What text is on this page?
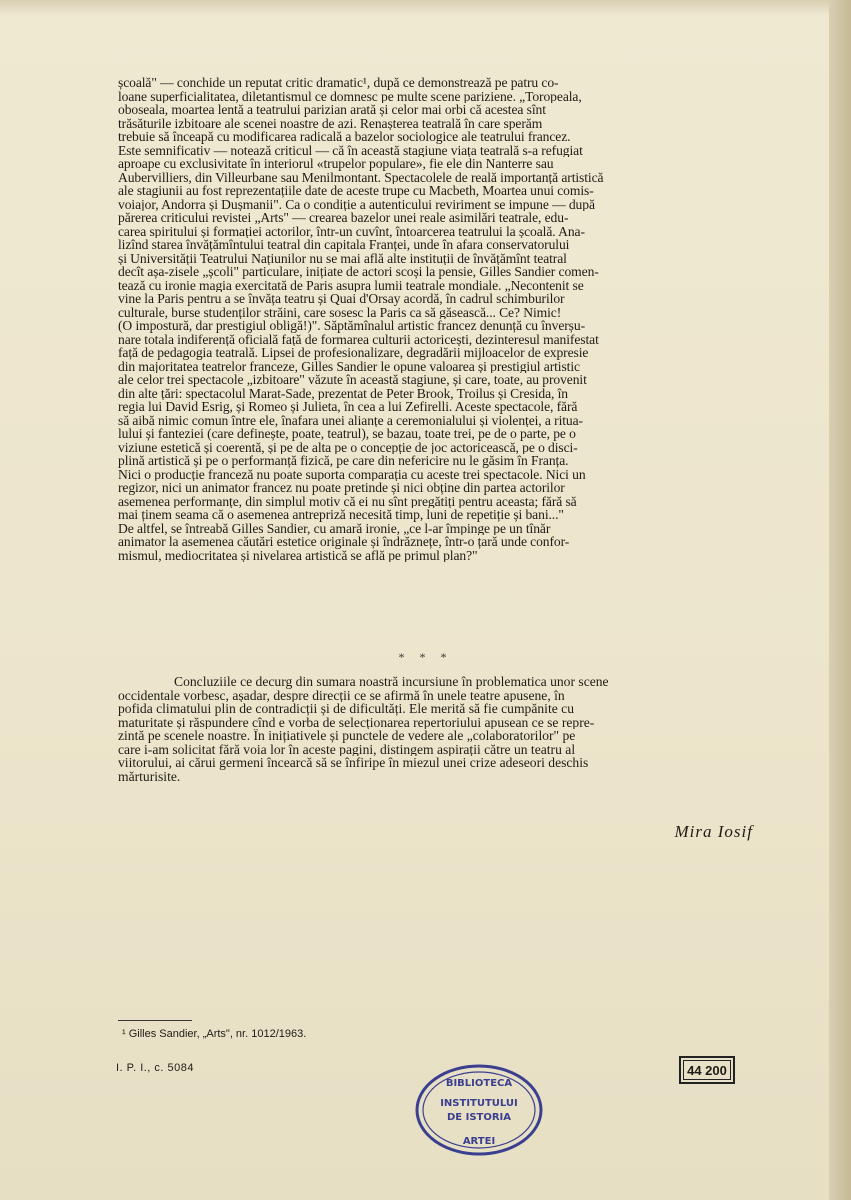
școală" — conchide un reputat critic dramatic¹, după ce demonstrează pe patru co-
loane superficialitatea, diletantismul ce domnesc pe multe scene pariziene. „Toropeala,
oboseala, moartea lentă a teatrului parizian arată și celor mai orbi că acestea sînt
trăsăturile izbitoare ale scenei noastre de azi. Renașterea teatrală în care sperăm
trebuie să înceapă cu modificarea radicală a bazelor sociologice ale teatrului francez.
Este semnificativ — notează criticul — că în această stagiune viața teatrală s-a refugiat
aproape cu exclusivitate în interiorul «trupelor populare», fie ele din Nanterre sau
Aubervilliers, din Villeurbane sau Menilmontant. Spectacolele de reală importanță artistică
ale stagiunii au fost reprezentațiile date de aceste trupe cu Macbeth, Moartea unui comis-
voiajor, Andorra și Dușmanii". Ca o condiție a autenticului reviriment se impune — după
părerea criticului revistei „Arts" — crearea bazelor unei reale asimilări teatrale, edu-
carea spiritului și formației actorilor, într-un cuvînt, întoarcerea teatrului la școală. Ana-
lizînd starea învățămîntului teatral din capitala Franței, unde în afara conservatorului
și Universității Teatrului Națiunilor nu se mai află alte instituții de învățămînt teatral
decît așa-zisele „școli" particulare, inițiate de actori scoși la pensie, Gilles Sandier comen-
tează cu ironie magia exercitată de Paris asupra lumii teatrale mondiale. „Necontenit se
vine la Paris pentru a se învăța teatru și Quai d'Orsay acordă, în cadrul schimburilor
culturale, burse studenților străini, care sosesc la Paris ca să găsească... Ce? Nimic!
(O impostură, dar prestigiul obligă!)". Săptămînalul artistic francez denunță cu înverșu-
nare totala indiferență oficială față de formarea culturii actoricești, dezinteresul manifestat
față de pedagogia teatrală. Lipsei de profesionalizare, degradării mijloacelor de expresie
din majoritatea teatrelor franceze, Gilles Sandier le opune valoarea și prestigiul artistic
ale celor trei spectacole „izbitoare" văzute în această stagiune, și care, toate, au provenit
din alte țări: spectacolul Marat-Sade, prezentat de Peter Brook, Troilus și Cresida, în
regia lui David Esrig, și Romeo și Julieta, în cea a lui Zefirelli. Aceste spectacole, fără
să aibă nimic comun între ele, înafara unei alianțe a ceremonialului și violenței, a ritua-
lului și fanteziei (care definește, poate, teatrul), se bazau, toate trei, pe de o parte, pe o
viziune estetică și coerentă, și pe de alta pe o concepție de joc actoricească, pe o disci-
plină artistică și pe o performanță fizică, pe care din nefericire nu le găsim în Franța.
Nici o producție franceză nu poate suporta comparația cu aceste trei spectacole. Nici un
regizor, nici un animator francez nu poate pretinde și nici obține din partea actorilor
asemenea performanțe, din simplul motiv că ei nu sînt pregătiți pentru aceasta; fără să
mai ținem seama că o asemenea antrepriză necesită timp, luni de repetiție și bani..."
De altfel, se întreabă Gilles Sandier, cu amară ironie, „ce l-ar împinge pe un tînăr
animator la asemenea căutări estetice originale și îndrăznețe, într-o țară unde confor-
mismul, mediocritatea și nivelarea artistică se află pe primul plan?"
* * *
Concluziile ce decurg din sumara noastră incursiune în problematica unor scene
occidentale vorbesc, așadar, despre direcții ce se afirmă în unele teatre apusene, în
pofida climatului plin de contradicții și de dificultăți. Ele merită să fie cumpănite cu
maturitate și răspundere cînd e vorba de selecționarea repertoriului apusean ce se repre-
zintă pe scenele noastre. În inițiativele și punctele de vedere ale „colaboratorilor" pe
care i-am solicitat fără voia lor în aceste pagini, distingem aspirații către un teatru al
viitorului, ai cărui germeni încearcă să se înfiripe în miezul unei crize adeseori deschis
mărturisite.
Mira Iosif
¹ Gilles Sandier, „Arts", nr. 1012/1963.
I. P. I., c. 5084
BIBLIOTECA
INSTITUTULUI
DE ISTORIA
ARTEI
44 200
